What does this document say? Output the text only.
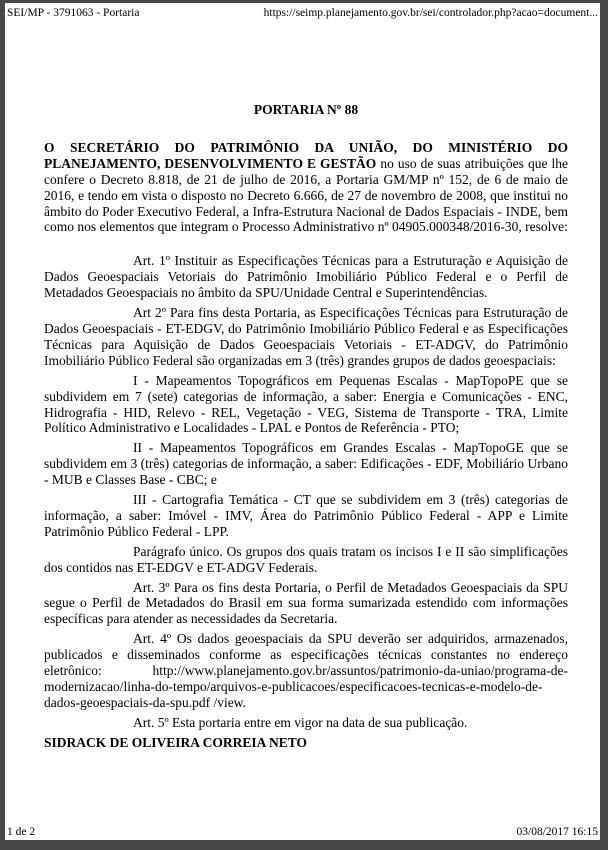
SEI/MP - 3791063 - Portaria	https://seimp.planejamento.gov.br/sei/controlador.php?acao=document...
PORTARIA Nº 88

O SECRETÁRIO DO PATRIMÔNIO DA UNIÃO, DO MINISTÉRIO DO PLANEJAMENTO, DESENVOLVIMENTO E GESTÃO no uso de suas atribuições que lhe confere o Decreto 8.818, de 21 de julho de 2016, a Portaria GM/MP nº 152, de 6 de maio de 2016, e tendo em vista o disposto no Decreto 6.666, de 27 de novembro de 2008, que institui no âmbito do Poder Executivo Federal, a Infra-Estrutura Nacional de Dados Espaciais - INDE, bem como nos elementos que integram o Processo Administrativo nº 04905.000348/2016-30, resolve:

Art. 1º Instituir as Especificações Técnicas para a Estruturação e Aquisição de Dados Geoespaciais Vetoriais do Patrimônio Imobiliário Público Federal e o Perfil de Metadados Geoespaciais no âmbito da SPU/Unidade Central e Superintendências.

Art 2º Para fins desta Portaria, as Especificações Técnicas para Estruturação de Dados Geoespaciais - ET-EDGV, do Patrimônio Imobiliário Público Federal e as Especificações Técnicas para Aquisição de Dados Geoespaciais Vetoriais - ET-ADGV, do Patrimônio Imobiliário Público Federal são organizadas em 3 (três) grandes grupos de dados geoespaciais:

I - Mapeamentos Topográficos em Pequenas Escalas - MapTopoPE que se subdividem em 7 (sete) categorias de informação, a saber: Energia e Comunicações - ENC, Hidrografia - HID, Relevo - REL, Vegetação - VEG, Sistema de Transporte - TRA, Limite Político Administrativo e Localidades - LPAL e Pontos de Referência - PTO;

II - Mapeamentos Topográficos em Grandes Escalas - MapTopoGE que se subdividem em 3 (três) categorias de informação, a saber: Edificações - EDF, Mobiliário Urbano - MUB e Classes Base - CBC; e

III - Cartografia Temática - CT que se subdividem em 3 (três) categorias de informação, a saber: Imóvel - IMV, Área do Patrimônio Público Federal - APP e Limite Patrimônio Público Federal - LPP.

Parágrafo único. Os grupos dos quais tratam os incisos I e II são simplificações dos contidos nas ET-EDGV e ET-ADGV Federais.

Art. 3º Para os fins desta Portaria, o Perfil de Metadados Geoespaciais da SPU segue o Perfil de Metadados do Brasil em sua forma sumarizada estendido com informações específicas para atender as necessidades da Secretaria.

Art. 4º Os dados geoespaciais da SPU deverão ser adquiridos, armazenados, publicados e disseminados conforme as especificações técnicas constantes no endereço eletrônico: http://www.planejamento.gov.br/assuntos/patrimonio-da-uniao/programa-de-modernizacao/linha-do-tempo/arquivos-e-publicacoes/especificacoes-tecnicas-e-modelo-de-dados-geoespaciais-da-spu.pdf /view.

Art. 5º Esta portaria entre em vigor na data de sua publicação.

SIDRACK DE OLIVEIRA CORREIA NETO

1 de 2	03/08/2017 16:15
